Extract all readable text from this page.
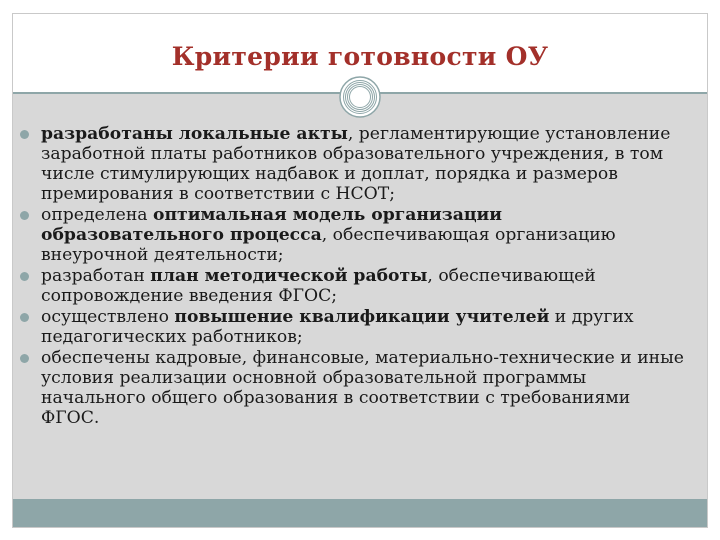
Критерии готовности ОУ
разработаны локальные акты, регламентирующие установление заработной платы работников образовательного учреждения, в том числе стимулирующих надбавок и доплат, порядка и размеров премирования в соответствии с НСОТ;
определена оптимальная модель организации образовательного процесса, обеспечивающая организацию внеурочной деятельности;
разработан план методической работы, обеспечивающей сопровождение введения ФГОС;
осуществлено повышение квалификации учителей и других педагогических работников;
обеспечены кадровые, финансовые, материально-технические и иные условия реализации основной образовательной программы начального общего образования в соответствии с требованиями ФГОС.
